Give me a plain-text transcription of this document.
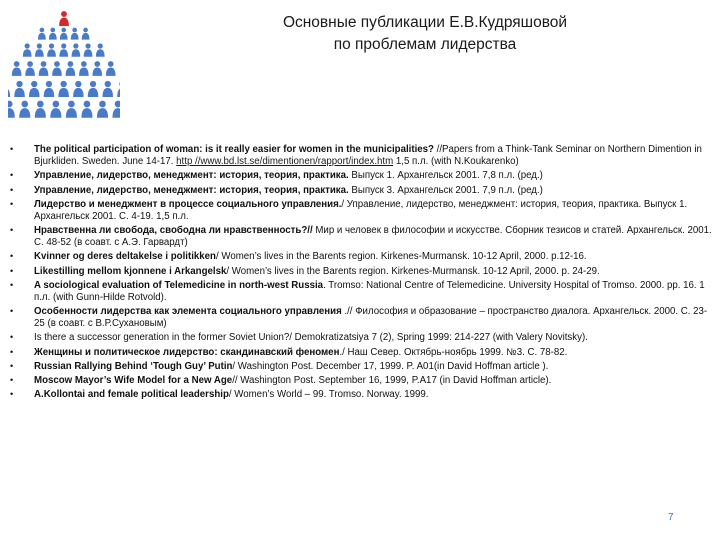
Основные публикации Е.В.Кудряшовой
по проблемам лидерства
• The political participation of woman: is it really easier for women in the municipalities? //Papers from a Think-Tank Seminar on Northern Dimention in Bjurkliden. Sweden. June 14-17. http //www.bd.lst.se/dimentionen/rapport/index.htm 1,5 п.л. (with N.Koukarenko)
• Управление, лидерство, менеджмент: история, теория, практика. Выпуск 1. Архангельск 2001. 7,8 п.л. (ред.)
• Управление, лидерство, менеджмент: история, теория, практика. Выпуск 3. Архангельск 2001. 7,9 п.л. (ред.)
• Лидерство и менеджмент в процессе социального управления./ Управление, лидерство, менеджмент: история, теория, практика. Выпуск 1. Архангельск 2001. С. 4-19. 1,5 п.л.
• Нравственна ли свобода, свободна ли нравственность?// Мир и человек в философии и искусстве. Сборник тезисов и статей. Архангельск. 2001. С. 48-52 (в соавт. с А.Э. Гарвардт)
• Kvinner og deres deltakelse i politikken/ Women’s lives in the Barents region. Kirkenes-Murmansk. 10-12 April, 2000. p.12-16.
• Likestilling mellom kjonnene i Arkangelsk/ Women’s lives in the Barents region. Kirkenes-Murmansk. 10-12 April, 2000. p. 24-29.
• A sociological evaluation of Telemedicine in north-west Russia. Tromso: National Centre of Telemedicine. University Hospital of Tromso. 2000. pp. 16. 1 п.л. (with Gunn-Hilde Rotvold).
• Особенности лидерства как элемента социального управления .// Философия и образование – пространство диалога. Архангельск. 2000. С. 23-25 (в соавт. с В.Р.Сухановым)
• Is there a successor generation in the former Soviet Union?/ Demokratizatsiya 7 (2), Spring 1999: 214-227 (with Valery Novitsky).
• Женщины и политическое лидерство: скандинавский феномен./ Наш Север. Октябрь-ноябрь 1999. №3. С. 78-82.
• Russian Rallying Behind ‘Tough Guy’ Putin/ Washington Post. December 17, 1999. P. A01(in David Hoffman article ).
• Moscow Mayor’s Wife Model for a New Age// Washington Post. September 16, 1999, P.A17 (in David Hoffman article).
• A.Kollontai and female political leadership/ Women’s World – 99. Tromso. Norway. 1999.
7
